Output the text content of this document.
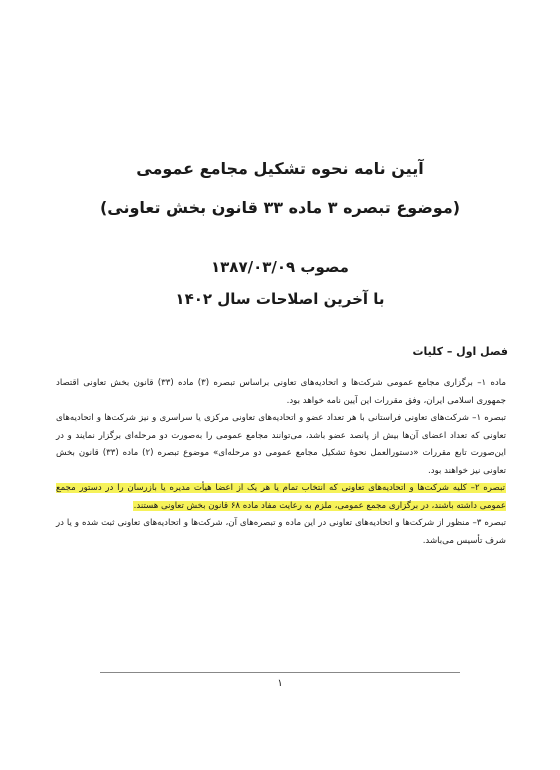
آیین نامه نحوه تشکیل مجامع عمومی
(موضوع تبصره ۳ ماده ۳۳ قانون بخش تعاونی)
مصوب ۱۳۸۷/۰۳/۰۹
با آخرین اصلاحات سال ۱۴۰۲
فصل اول – کلیات

ماده ۱– برگزاری مجامع عمومی شرکت‌ها و اتحادیه‌های تعاونی براساس تبصره (۳) ماده (۳۳) قانون بخش تعاونی اقتصاد جمهوری اسلامی ایران، وفق مقررات این آیین نامه خواهد بود.

تبصره ۱– شرکت‌های تعاونی فراستانی با هر تعداد عضو و اتحادیه‌های تعاونی مرکزی یا سراسری و نیز شرکت‌ها و اتحادیه‌های تعاونی که تعداد اعضای آن‌ها بیش از پانصد عضو باشد، می‌توانند مجامع عمومی را به‌صورت دو مرحله‌ای برگزار نمایند و در این‌صورت تابع مقررات «دستورالعمل نحوهٔ تشکیل مجامع عمومی دو مرحله‌ای» موضوع تبصره (۲) ماده (۳۳) قانون بخش تعاونی نیز خواهند بود.

تبصره ۲– کلیه شرکت‌ها و اتحادیه‌های تعاونی که انتخاب تمام یا هر یک از اعضا هیأت مدیره یا بازرسان را در دستور مجمع عمومی داشته باشند، در برگزاری مجمع عمومی، ملزم به رعایت مفاد ماده ۶۸ قانون بخش تعاونی هستند.

تبصره ۳– منظور از شرکت‌ها و اتحادیه‌های تعاونی در این ماده و تبصره‌های آن، شرکت‌ها و اتحادیه‌های تعاونی ثبت شده و یا در شرف تأسیس می‌باشد.

۱
